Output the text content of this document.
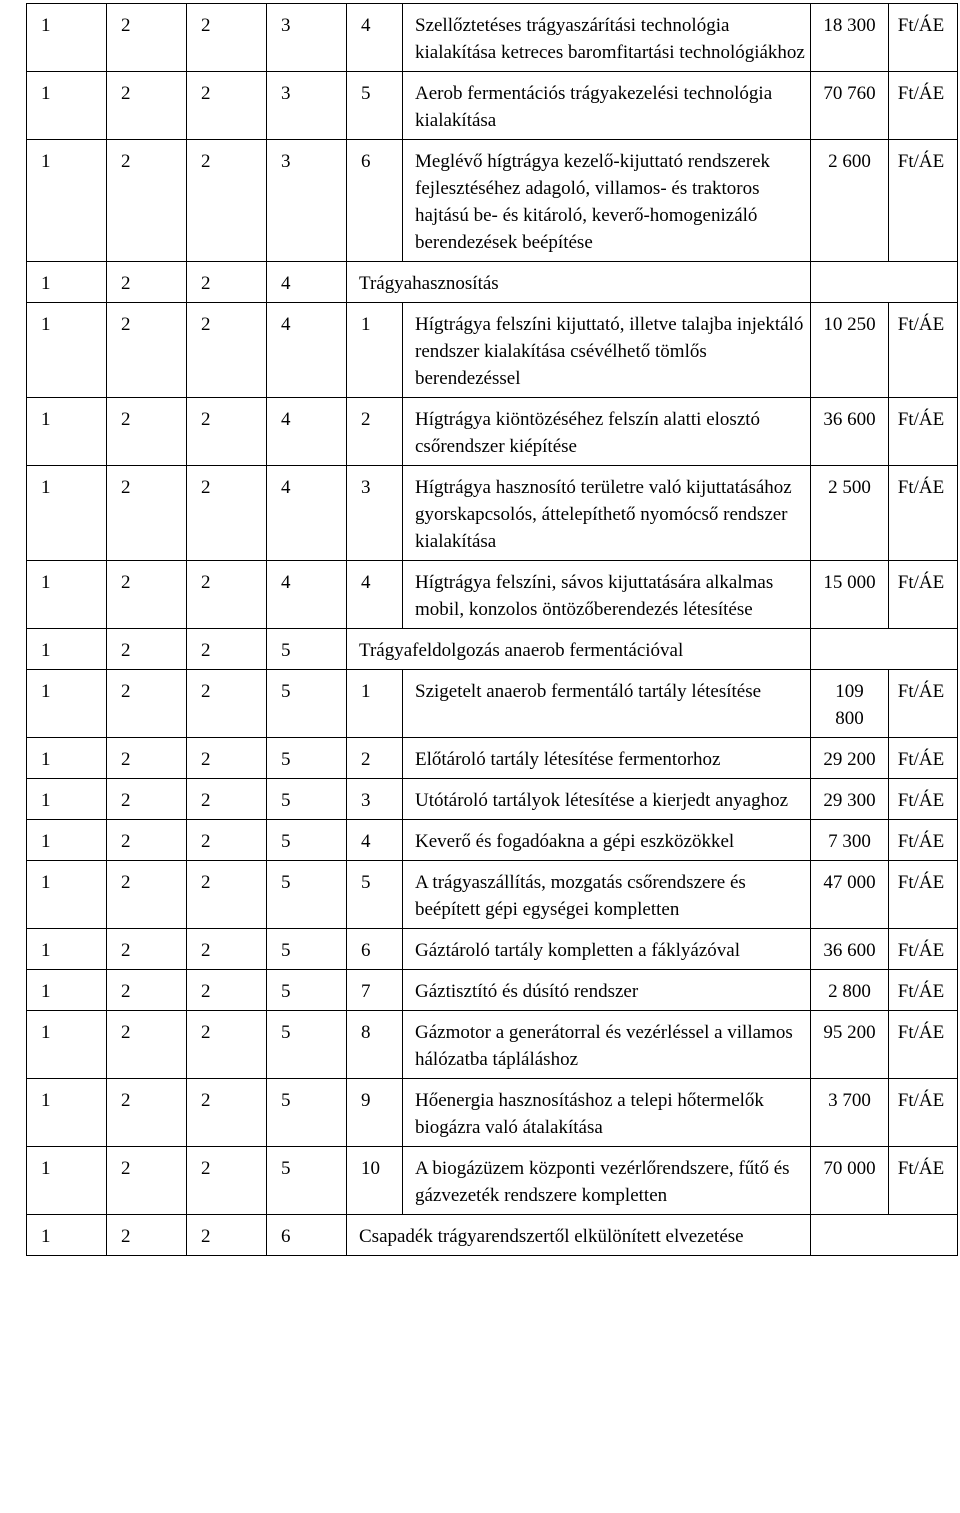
1	2	2	3	4	Szellőztetéses trágyaszárítási technológia kialakítása ketreces baromfitartási technológiákhoz	18 300	Ft/ÁE
1	2	2	3	5	Aerob fermentációs trágyakezelési technológia kialakítása	70 760	Ft/ÁE
1	2	2	3	6	Meglévő hígtrágya kezelő-kijuttató rendszerek fejlesztéséhez adagoló, villamos- és traktoros hajtású be- és kitároló, keverő-homogenizáló berendezések beépítése	2 600	Ft/ÁE
1	2	2	4	Trágyahasznosítás			
1	2	2	4	1	Hígtrágya felszíni kijuttató, illetve talajba injektáló rendszer kialakítása csévélhető tömlős berendezéssel	10 250	Ft/ÁE
1	2	2	4	2	Hígtrágya kiöntözéséhez felszín alatti elosztó csőrendszer kiépítése	36 600	Ft/ÁE
1	2	2	4	3	Hígtrágya hasznosító területre való kijuttatásához gyorskapcsolós, áttelepíthető nyomócső rendszer kialakítása	2 500	Ft/ÁE
1	2	2	4	4	Hígtrágya felszíni, sávos kijuttatására alkalmas mobil, konzolos öntözőberendezés létesítése	15 000	Ft/ÁE
1	2	2	5	Trágyafeldolgozás anaerob fermentációval			
1	2	2	5	1	Szigetelt anaerob fermentáló tartály létesítése	109 800	Ft/ÁE
1	2	2	5	2	Előtároló tartály létesítése fermentorhoz	29 200	Ft/ÁE
1	2	2	5	3	Utótároló tartályok létesítése a kierjedt anyaghoz	29 300	Ft/ÁE
1	2	2	5	4	Keverő és fogadóakna a gépi eszközökkel	7 300	Ft/ÁE
1	2	2	5	5	A trágyaszállítás, mozgatás csőrendszere és beépített gépi egységei kompletten	47 000	Ft/ÁE
1	2	2	5	6	Gáztároló tartály kompletten a fáklyázóval	36 600	Ft/ÁE
1	2	2	5	7	Gáztisztító és dúsító rendszer	2 800	Ft/ÁE
1	2	2	5	8	Gázmotor a generátorral és vezérléssel a villamos hálózatba tápláláshoz	95 200	Ft/ÁE
1	2	2	5	9	Hőenergia hasznosításhoz a telepi hőtermelők biogázra való átalakítása	3 700	Ft/ÁE
1	2	2	5	10	A biogázüzem központi vezérlőrendszere, fűtő és gázvezeték rendszere kompletten	70 000	Ft/ÁE
1	2	2	6	Csapadék trágyarendszertől elkülönített elvezetése			
